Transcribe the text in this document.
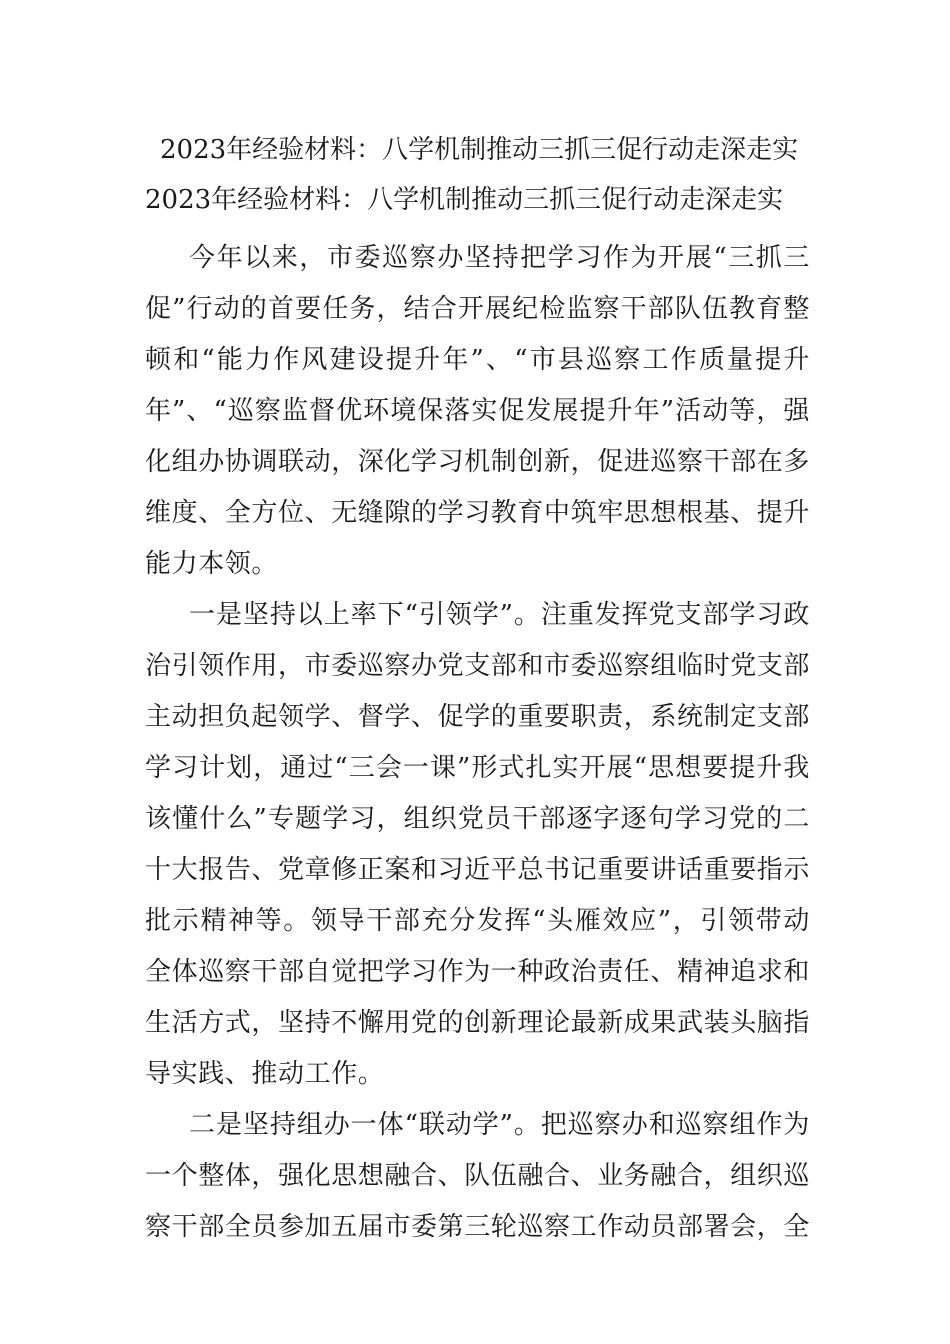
2023年经验材料：八学机制推动三抓三促行动走深走实
2023年经验材料：八学机制推动三抓三促行动走深走实

今年以来，市委巡察办坚持把学习作为开展“三抓三促”行动的首要任务，结合开展纪检监察干部队伍教育整顿和“能力作风建设提升年”、“市县巡察工作质量提升年”、“巡察监督优环境保落实促发展提升年”活动等，强化组办协调联动，深化学习机制创新，促进巡察干部在多维度、全方位、无缝隙的学习教育中筑牢思想根基、提升能力本领。

一是坚持以上率下“引领学”。注重发挥党支部学习政治引领作用，市委巡察办党支部和市委巡察组临时党支部主动担负起领学、督学、促学的重要职责，系统制定支部学习计划，通过“三会一课”形式扎实开展“思想要提升我该懂什么”专题学习，组织党员干部逐字逐句学习党的二十大报告、党章修正案和习近平总书记重要讲话重要指示批示精神等。领导干部充分发挥“头雁效应”，引领带动全体巡察干部自觉把学习作为一种政治责任、精神追求和生活方式，坚持不懈用党的创新理论最新成果武装头脑指导实践、推动工作。

二是坚持组办一体“联动学”。把巡察办和巡察组作为一个整体，强化思想融合、队伍融合、业务融合，组织巡察干部全员参加五届市委第三轮巡察工作动员部署会，全
